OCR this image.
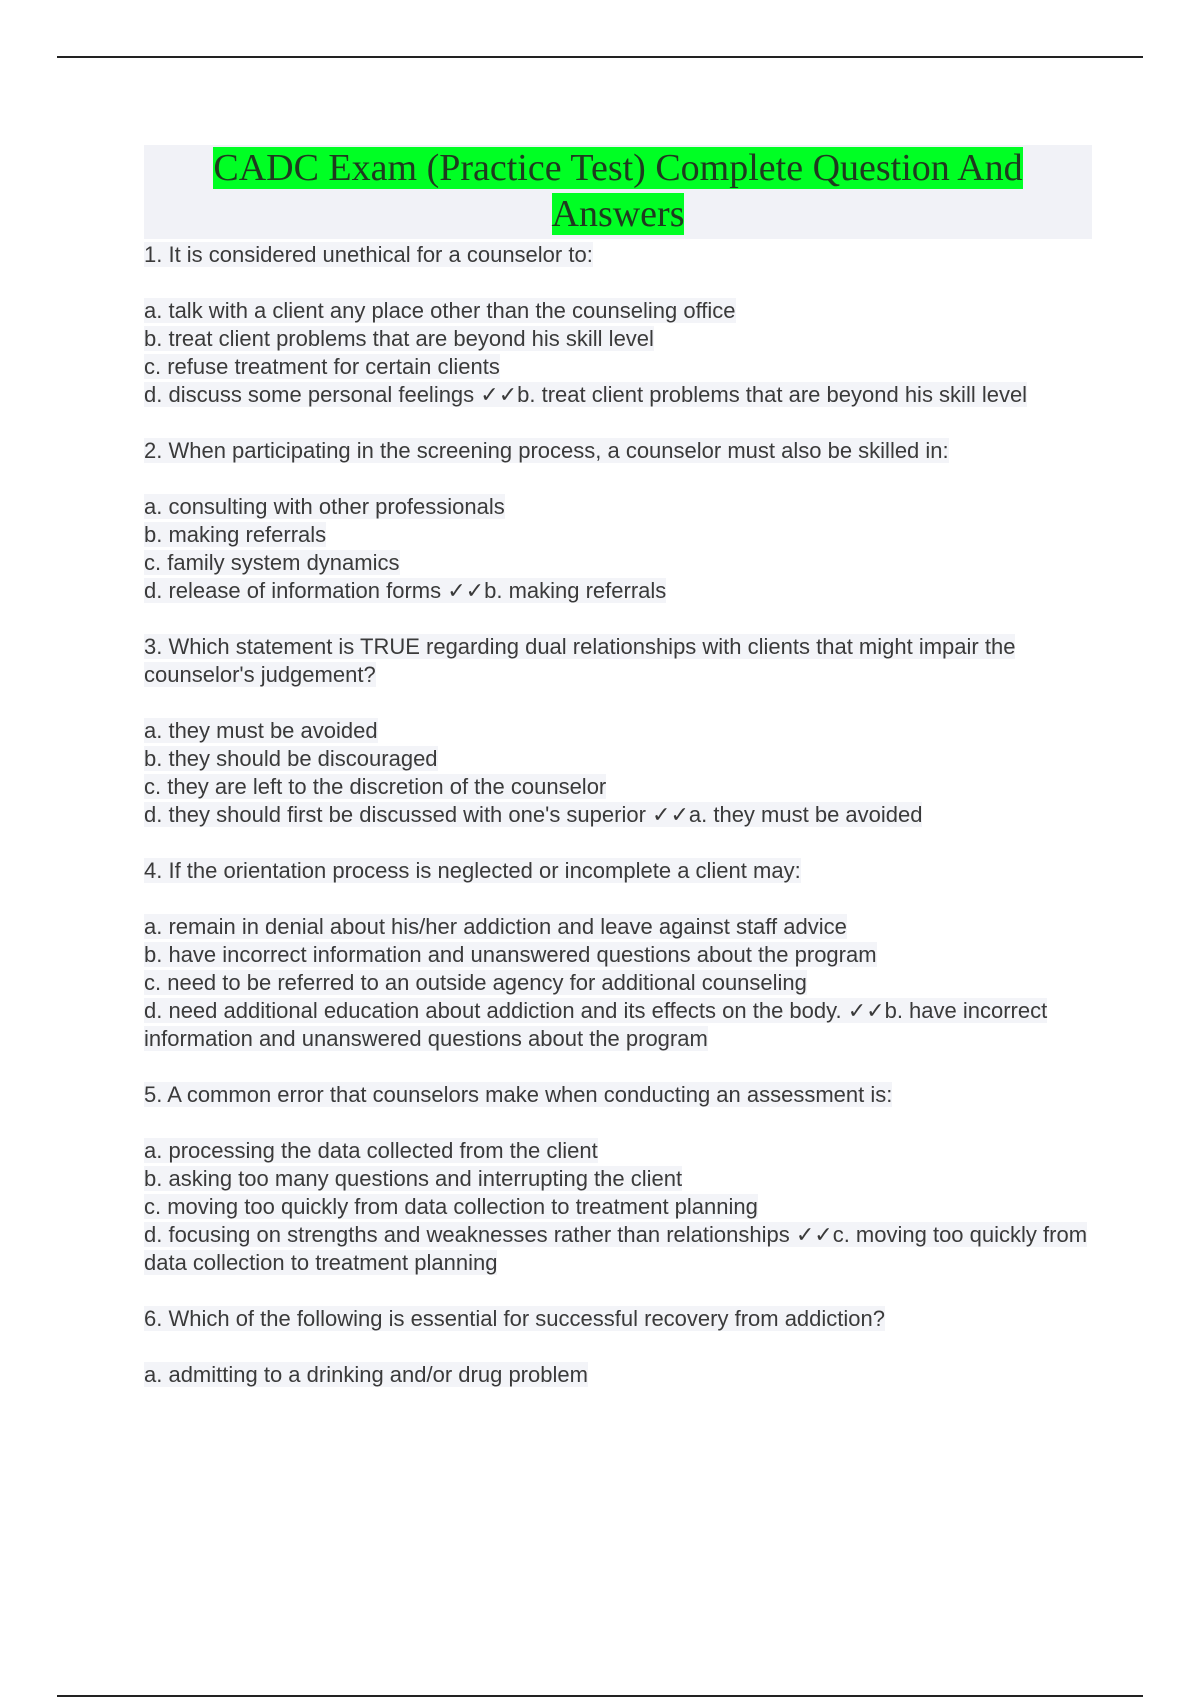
CADC Exam (Practice Test) Complete Question And Answers
1. It is considered unethical for a counselor to:
a. talk with a client any place other than the counseling office
b. treat client problems that are beyond his skill level
c. refuse treatment for certain clients
d. discuss some personal feelings ✓✓b. treat client problems that are beyond his skill level
2. When participating in the screening process, a counselor must also be skilled in:
a. consulting with other professionals
b. making referrals
c. family system dynamics
d. release of information forms ✓✓b. making referrals
3. Which statement is TRUE regarding dual relationships with clients that might impair the counselor's judgement?
a. they must be avoided
b. they should be discouraged
c. they are left to the discretion of the counselor
d. they should first be discussed with one's superior ✓✓a. they must be avoided
4. If the orientation process is neglected or incomplete a client may:
a. remain in denial about his/her addiction and leave against staff advice
b. have incorrect information and unanswered questions about the program
c. need to be referred to an outside agency for additional counseling
d. need additional education about addiction and its effects on the body. ✓✓b. have incorrect information and unanswered questions about the program
5. A common error that counselors make when conducting an assessment is:
a. processing the data collected from the client
b. asking too many questions and interrupting the client
c. moving too quickly from data collection to treatment planning
d. focusing on strengths and weaknesses rather than relationships ✓✓c. moving too quickly from data collection to treatment planning
6. Which of the following is essential for successful recovery from addiction?
a. admitting to a drinking and/or drug problem
